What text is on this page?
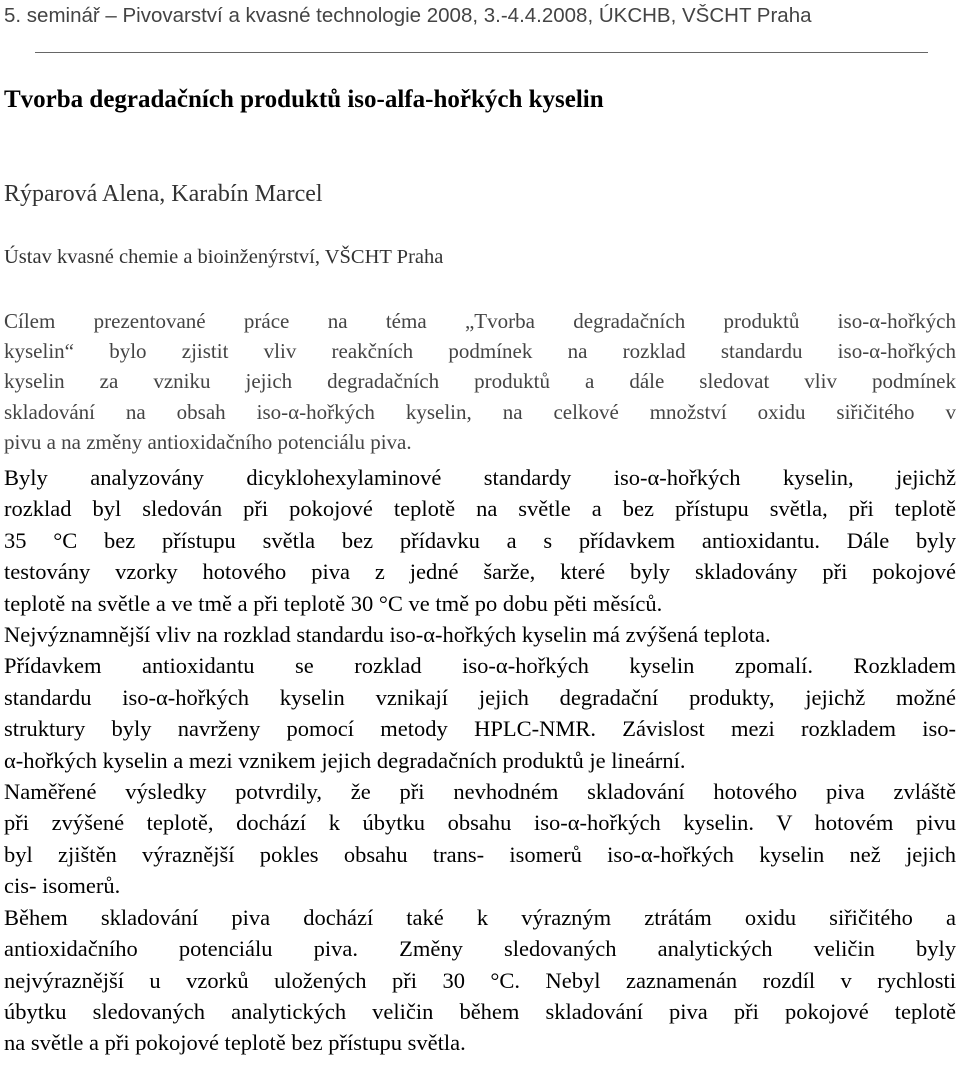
5. seminář – Pivovarství a kvasné technologie 2008, 3.-4.4.2008, ÚKCHB, VŠCHT Praha
Tvorba degradačních produktů iso-alfa-hořkých kyselin

Rýparová Alena, Karabín Marcel

Ústav kvasné chemie a bioinženýrství, VŠCHT Praha

Cílem prezentované práce na téma „Tvorba degradačních produktů iso-α-hořkých
kyselin“ bylo zjistit vliv reakčních podmínek na rozklad standardu iso-α-hořkých
kyselin za vzniku jejich degradačních produktů a dále sledovat vliv podmínek
skladování na obsah iso-α-hořkých kyselin, na celkové množství oxidu siřičitého v
pivu a na změny antioxidačního potenciálu piva.

Byly analyzovány dicyklohexylaminové standardy iso-α-hořkých kyselin, jejichž
rozklad byl sledován při pokojové teplotě na světle a bez přístupu světla, při teplotě
35 °C bez přístupu světla bez přídavku a s přídavkem antioxidantu. Dále byly
testovány vzorky hotového piva z jedné šarže, které byly skladovány při pokojové
teplotě na světle a ve tmě a při teplotě 30 °C ve tmě po dobu pěti měsíců.
Nejvýznamnější vliv na rozklad standardu iso-α-hořkých kyselin má zvýšená teplota.
Přídavkem antioxidantu se rozklad iso-α-hořkých kyselin zpomalí. Rozkladem
standardu iso-α-hořkých kyselin vznikají jejich degradační produkty, jejichž možné
struktury byly navrženy pomocí metody HPLC-NMR. Závislost mezi rozkladem iso-
α-hořkých kyselin a mezi vznikem jejich degradačních produktů je lineární.
Naměřené výsledky potvrdily, že při nevhodném skladování hotového piva zvláště
při zvýšené teplotě, dochází k úbytku obsahu iso-α-hořkých kyselin. V hotovém pivu
byl zjištěn výraznější pokles obsahu trans- isomerů iso-α-hořkých kyselin než jejich
cis- isomerů.
Během skladování piva dochází také k výrazným ztrátám oxidu siřičitého a
antioxidačního potenciálu piva. Změny sledovaných analytických veličin byly
nejvýraznější u vzorků uložených při 30 °C. Nebyl zaznamenán rozdíl v rychlosti
úbytku sledovaných analytických veličin během skladování piva při pokojové teplotě
na světle a při pokojové teplotě bez přístupu světla.
